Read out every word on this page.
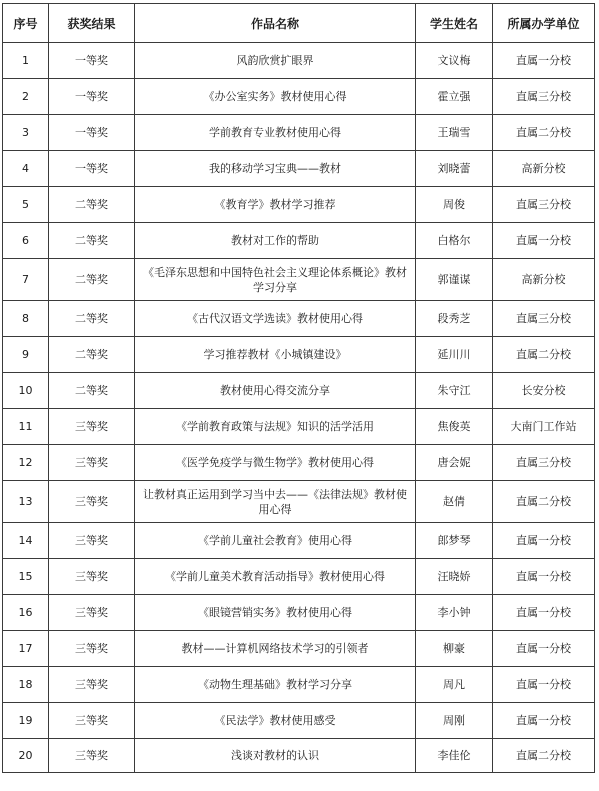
序号	获奖结果	作品名称	学生姓名	所属办学单位
1	一等奖	风韵欣赏扩眼界	文议梅	直属一分校
2	一等奖	《办公室实务》教材使用心得	霍立强	直属三分校
3	一等奖	学前教育专业教材使用心得	王瑞雪	直属二分校
4	一等奖	我的移动学习宝典——教材	刘晓蕾	高新分校
5	二等奖	《教育学》教材学习推荐	周俊	直属三分校
6	二等奖	教材对工作的帮助	白格尔	直属一分校
7	二等奖	《毛泽东思想和中国特色社会主义理论体系概论》教材学习分享	郭谨谋	高新分校
8	二等奖	《古代汉语文学选读》教材使用心得	段秀芝	直属三分校
9	二等奖	学习推荐教材《小城镇建设》	延川川	直属二分校
10	二等奖	教材使用心得交流分享	朱守江	长安分校
11	三等奖	《学前教育政策与法规》知识的活学活用	焦俊英	大南门工作站
12	三等奖	《医学免疫学与微生物学》教材使用心得	唐会妮	直属三分校
13	三等奖	让教材真正运用到学习当中去——《法律法规》教材使用心得	赵倩	直属二分校
14	三等奖	《学前儿童社会教育》使用心得	郎梦琴	直属一分校
15	三等奖	《学前儿童美术教育活动指导》教材使用心得	汪晓娇	直属一分校
16	三等奖	《眼镜营销实务》教材使用心得	李小钟	直属一分校
17	三等奖	教材——计算机网络技术学习的引领者	柳豪	直属一分校
18	三等奖	《动物生理基础》教材学习分享	周凡	直属一分校
19	三等奖	《民法学》教材使用感受	周刚	直属一分校
20	三等奖	浅谈对教材的认识	李佳伦	直属二分校
